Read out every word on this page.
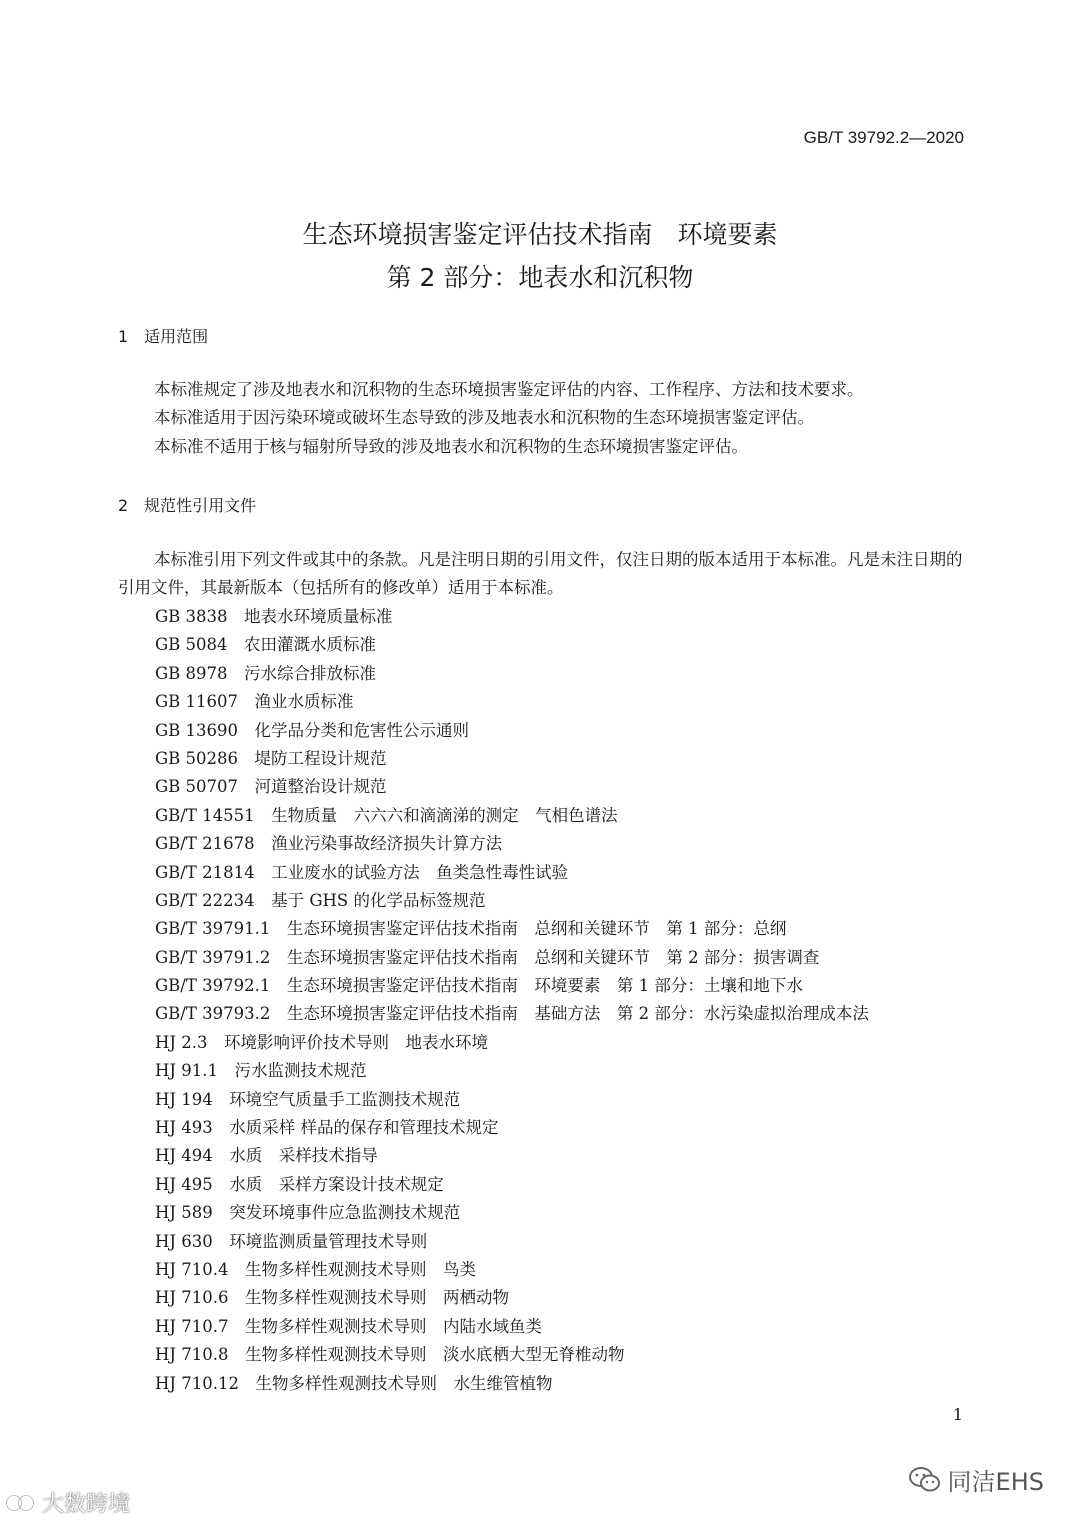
GB/T 39792.2—2020
生态环境损害鉴定评估技术指南　环境要素
第 2 部分：地表水和沉积物
1　适用范围
本标准规定了涉及地表水和沉积物的生态环境损害鉴定评估的内容、工作程序、方法和技术要求。
本标准适用于因污染环境或破坏生态导致的涉及地表水和沉积物的生态环境损害鉴定评估。
本标准不适用于核与辐射所导致的涉及地表水和沉积物的生态环境损害鉴定评估。
2　规范性引用文件
本标准引用下列文件或其中的条款。凡是注明日期的引用文件，仅注日期的版本适用于本标准。凡是未注日期的引用文件，其最新版本（包括所有的修改单）适用于本标准。
GB 3838　 地表水环境质量标准
GB 5084　 农田灌溉水质标准
GB 8978　 污水综合排放标准
GB 11607　 渔业水质标准
GB 13690　 化学品分类和危害性公示通则
GB 50286　 堤防工程设计规范
GB 50707　 河道整治设计规范
GB/T 14551　 生物质量　六六六和滴滴涕的测定　气相色谱法
GB/T 21678　 渔业污染事故经济损失计算方法
GB/T 21814　 工业废水的试验方法　鱼类急性毒性试验
GB/T 22234　 基于 GHS 的化学品标签规范
GB/T 39791.1　 生态环境损害鉴定评估技术指南　总纲和关键环节　第 1 部分：总纲
GB/T 39791.2　 生态环境损害鉴定评估技术指南　总纲和关键环节　第 2 部分：损害调查
GB/T 39792.1　 生态环境损害鉴定评估技术指南　环境要素　第 1 部分：土壤和地下水
GB/T 39793.2　 生态环境损害鉴定评估技术指南　基础方法　第 2 部分：水污染虚拟治理成本法
HJ 2.3　 环境影响评价技术导则　地表水环境
HJ 91.1　 污水监测技术规范
HJ 194　 环境空气质量手工监测技术规范
HJ 493　 水质采样 样品的保存和管理技术规定
HJ 494　 水质　采样技术指导
HJ 495　 水质　采样方案设计技术规定
HJ 589　 突发环境事件应急监测技术规范
HJ 630　 环境监测质量管理技术导则
HJ 710.4　 生物多样性观测技术导则　鸟类
HJ 710.6　 生物多样性观测技术导则　两栖动物
HJ 710.7　 生物多样性观测技术导则　内陆水域鱼类
HJ 710.8　 生物多样性观测技术导则　淡水底栖大型无脊椎动物
HJ 710.12　 生物多样性观测技术导则　水生维管植物
1
大数跨境
同洁EHS
